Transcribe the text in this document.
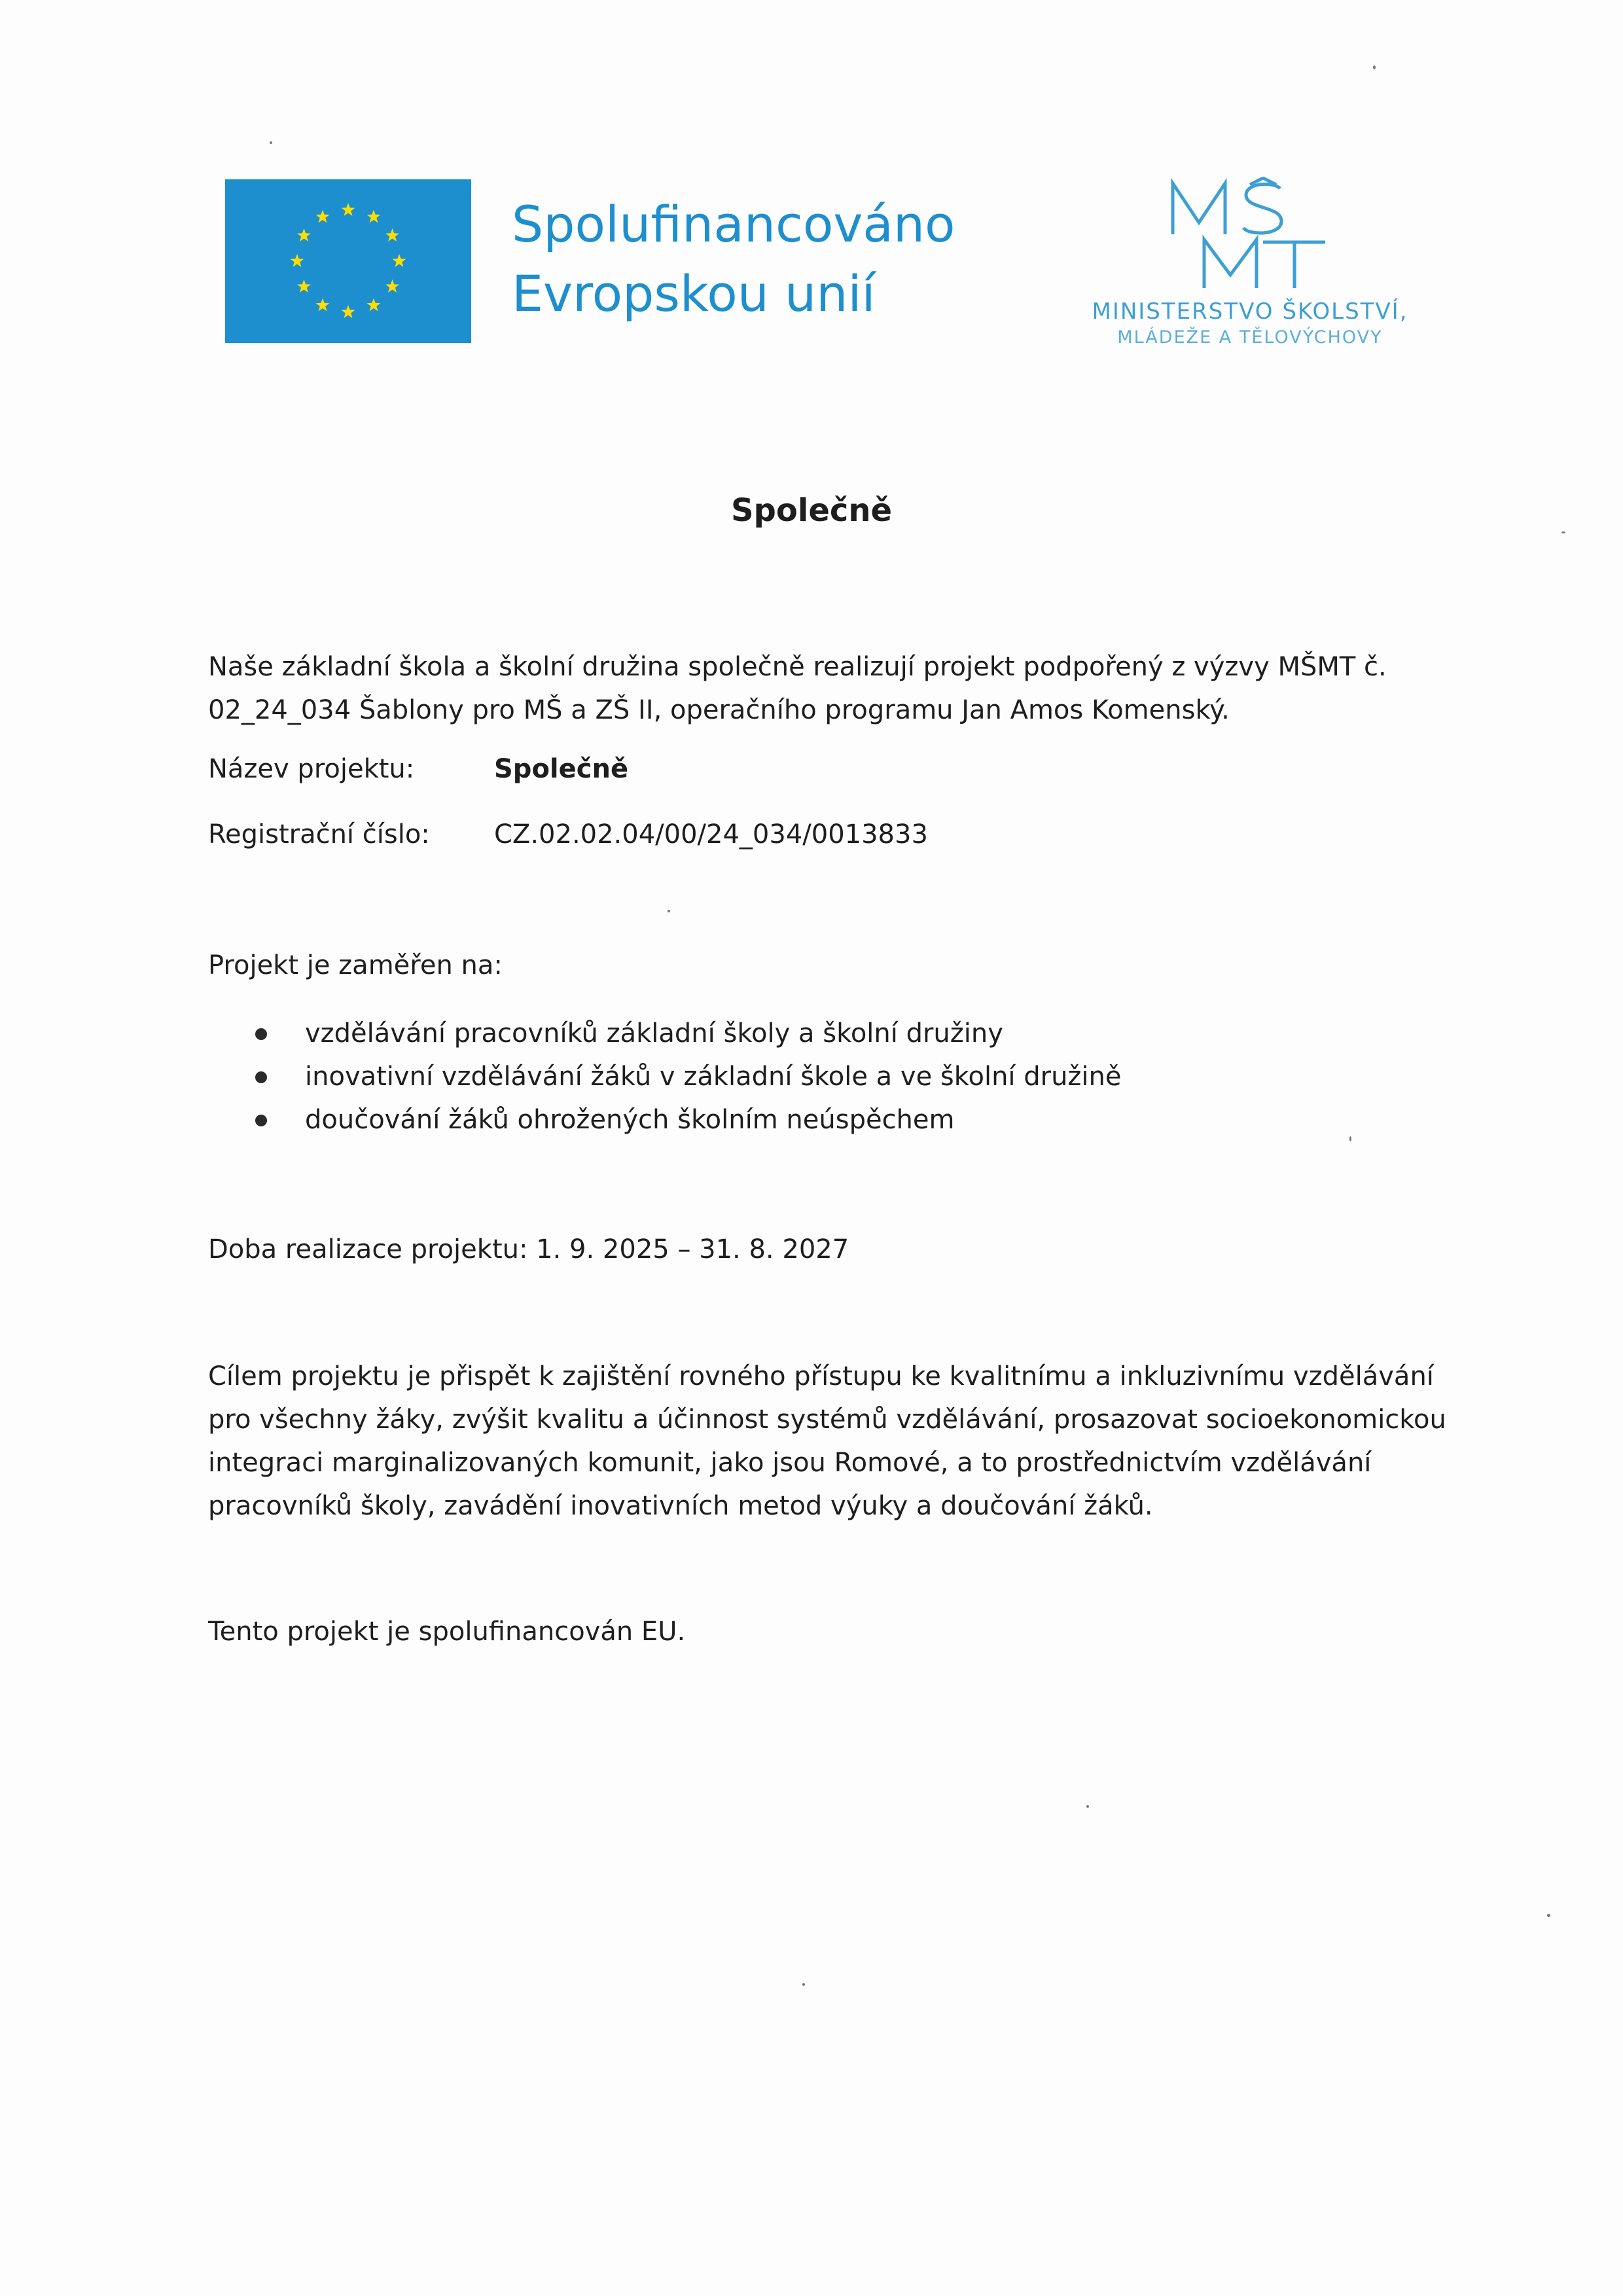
Spolufinancováno
Evropskou unií	MINISTERSTVO ŠKOLSTVÍ,
MLÁDEŽE A TĚLOVÝCHOVY
Společně
Naše základní škola a školní družina společně realizují projekt podpořený z výzvy MŠMT č.
02_24_034 Šablony pro MŠ a ZŠ II, operačního programu Jan Amos Komenský.
Název projektu:	Společně
Registrační číslo: CZ.02.02.04/00/24_034/0013833
Projekt je zaměřen na:
vzdělávání pracovníků základní školy a školní družiny
inovativní vzdělávání žáků v základní škole a ve školní družině
doučování žáků ohrožených školním neúspěchem
Doba realizace projektu: 1. 9. 2025 – 31. 8. 2027
Cílem projektu je přispět k zajištění rovného přístupu ke kvalitnímu a inkluzivnímu vzdělávání
pro všechny žáky, zvýšit kvalitu a účinnost systémů vzdělávání, prosazovat socioekonomickou
integraci marginalizovaných komunit, jako jsou Romové, a to prostřednictvím vzdělávání
pracovníků školy, zavádění inovativních metod výuky a doučování žáků.
Tento projekt je spolufinancován EU.
